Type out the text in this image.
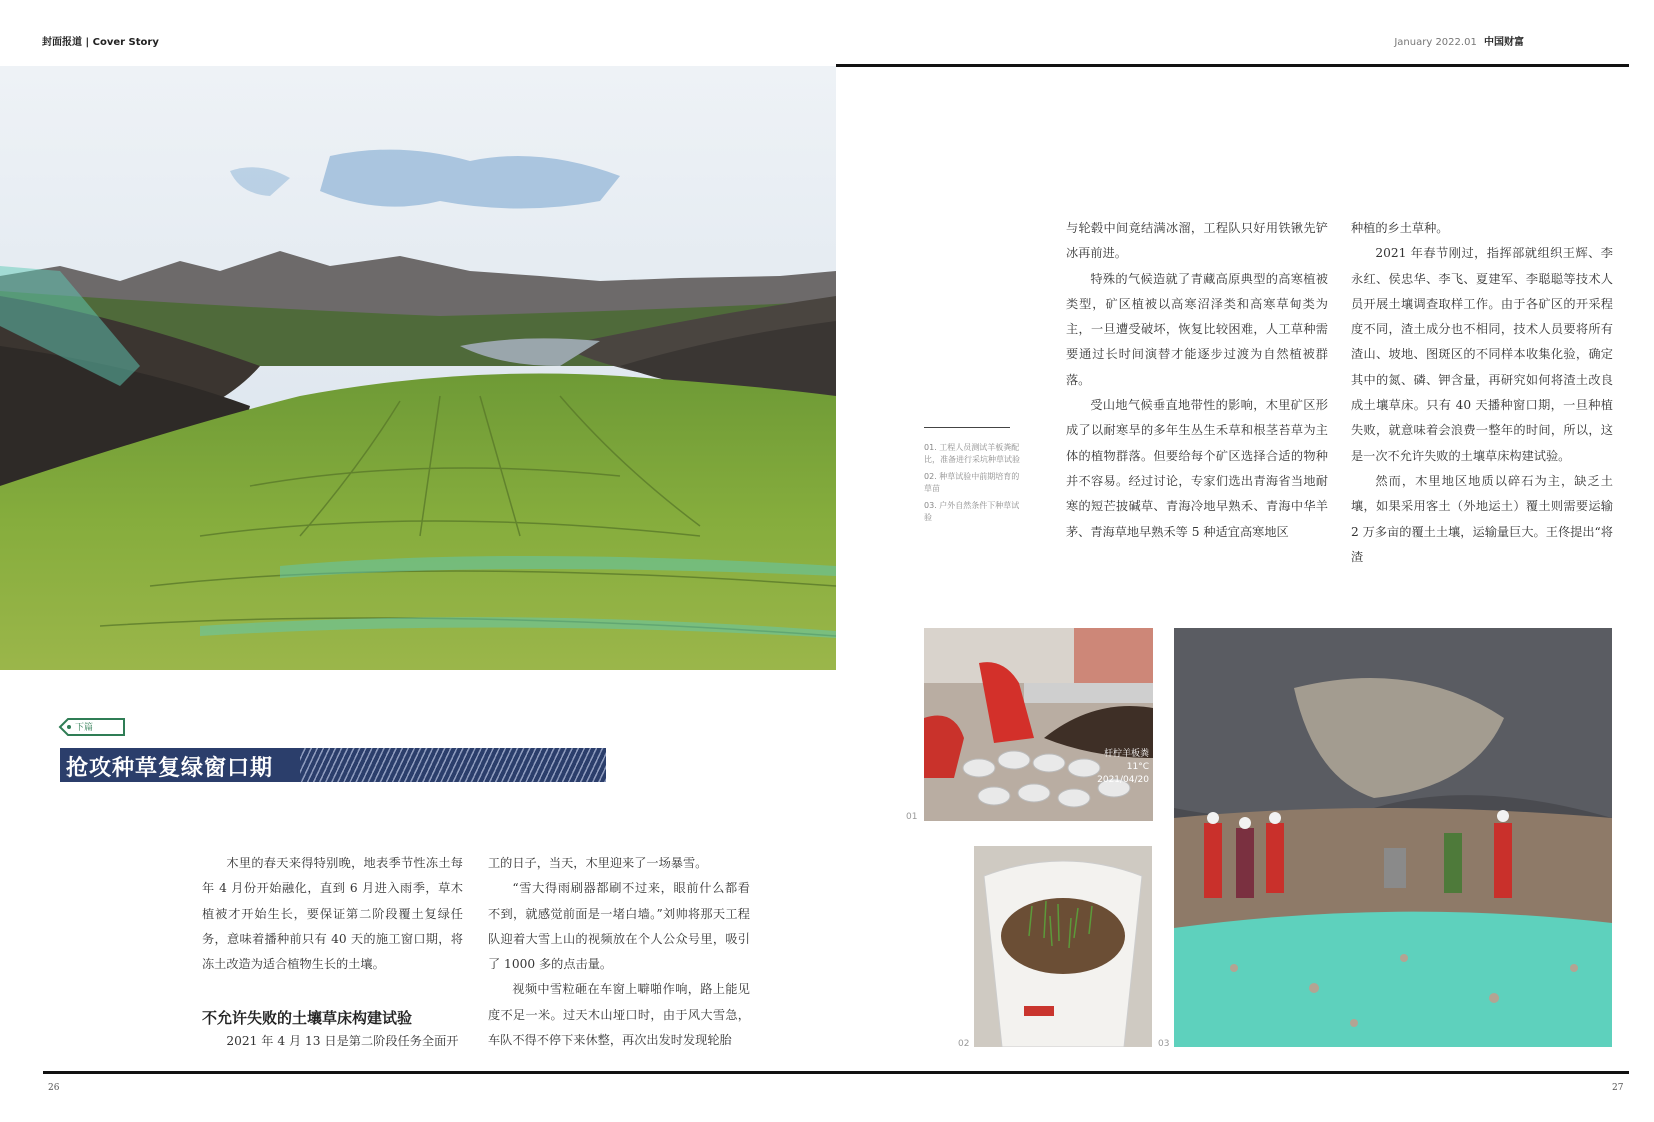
封面报道 | Cover Story	January 2022.01 中国财富
下篇
抢攻种草复绿窗口期

木里的春天来得特别晚，地表季节性冻土每年 4 月份开始融化，直到 6 月进入雨季，草木植被才开始生长，要保证第二阶段覆土复绿任务，意味着播种前只有 40 天的施工窗口期，将冻土改造为适合植物生长的土壤。

不允许失败的土壤草床构建试验

2021 年 4 月 13 日是第二阶段任务全面开

工的日子，当天，木里迎来了一场暴雪。

“雪大得雨刷器都刷不过来，眼前什么都看不到，就感觉前面是一堵白墙。”刘帅将那天工程队迎着大雪上山的视频放在个人公众号里，吸引了 1000 多的点击量。

视频中雪粒砸在车窗上噼啪作响，路上能见度不足一米。过天木山垭口时，由于风大雪急，车队不得不停下来休整，再次出发时发现轮胎

与轮毂中间竟结满冰溜，工程队只好用铁锹先铲冰再前进。

特殊的气候造就了青藏高原典型的高寒植被类型，矿区植被以高寒沼泽类和高寒草甸类为主，一旦遭受破坏，恢复比较困难，人工草种需要通过长时间演替才能逐步过渡为自然植被群落。

受山地气候垂直地带性的影响，木里矿区形成了以耐寒旱的多年生丛生禾草和根茎苔草为主体的植物群落。但要给每个矿区选择合适的物种并不容易。经过讨论，专家们选出青海省当地耐寒的短芒披碱草、青海冷地早熟禾、青海中华羊茅、青海草地早熟禾等 5 种适宜高寒地区

种植的乡土草种。

2021 年春节刚过，指挥部就组织王辉、李永红、侯忠华、李飞、夏建军、李聪聪等技术人员开展土壤调查取样工作。由于各矿区的开采程度不同，渣土成分也不相同，技术人员要将所有渣山、坡地、图斑区的不同样本收集化验，确定其中的氮、磷、钾含量，再研究如何将渣土改良成土壤草床。只有 40 天播种窗口期，一旦种植失败，就意味着会浪费一整年的时间，所以，这是一次不允许失败的土壤草床构建试验。

然而，木里地区地质以碎石为主，缺乏土壤，如果采用客土（外地运土）覆土则需要运输 2 万多亩的覆土土壤，运输量巨大。王佟提出“将渣

01. 工程人员测试羊板粪配比，准备进行采坑种草试验
02. 种草试验中前期培育的草苗
03. 户外自然条件下种草试验
杆柠羊板粪
11°C
2021/04/20
01
02	03
26	27
